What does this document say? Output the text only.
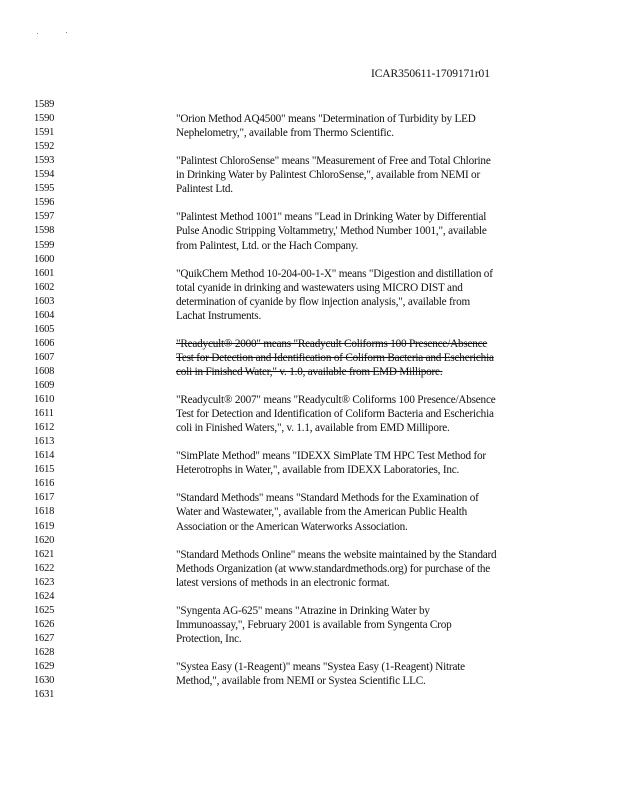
ICAR350611-1709171r01
1589
1590	"Orion Method AQ4500" means "Determination of Turbidity by LED
1591	Nephelometry,", available from Thermo Scientific.
1592
1593	"Palintest ChloroSense" means "Measurement of Free and Total Chlorine
1594	in Drinking Water by Palintest ChloroSense,", available from NEMI or
1595	Palintest Ltd.
1596
1597	"Palintest Method 1001" means "Lead in Drinking Water by Differential
1598	Pulse Anodic Stripping Voltammetry,' Method Number 1001,", available
1599	from Palintest, Ltd. or the Hach Company.
1600
1601	"QuikChem Method 10-204-00-1-X" means "Digestion and distillation of
1602	total cyanide in drinking and wastewaters using MICRO DIST and
1603	determination of cyanide by flow injection analysis,", available from
1604	Lachat Instruments.
1605
1606	"Readycult® 2000" means "Readycult Coliforms 100 Presence/Absence
1607	Test for Detection and Identification of Coliform Bacteria and Escherichia
1608	coli in Finished Water," v. 1.0, available from EMD Millipore.
1609
1610	"Readycult® 2007" means "Readycult® Coliforms 100 Presence/Absence
1611	Test for Detection and Identification of Coliform Bacteria and Escherichia
1612	coli in Finished Waters,", v. 1.1, available from EMD Millipore.
1613
1614	"SimPlate Method" means "IDEXX SimPlate TM HPC Test Method for
1615	Heterotrophs in Water,", available from IDEXX Laboratories, Inc.
1616
1617	"Standard Methods" means "Standard Methods for the Examination of
1618	Water and Wastewater,", available from the American Public Health
1619	Association or the American Waterworks Association.
1620
1621	"Standard Methods Online" means the website maintained by the Standard
1622	Methods Organization (at www.standardmethods.org) for purchase of the
1623	latest versions of methods in an electronic format.
1624
1625	"Syngenta AG-625" means "Atrazine in Drinking Water by
1626	Immunoassay,", February 2001 is available from Syngenta Crop
1627	Protection, Inc.
1628
1629	"Systea Easy (1-Reagent)" means "Systea Easy (1-Reagent) Nitrate
1630	Method,", available from NEMI or Systea Scientific LLC.
1631
